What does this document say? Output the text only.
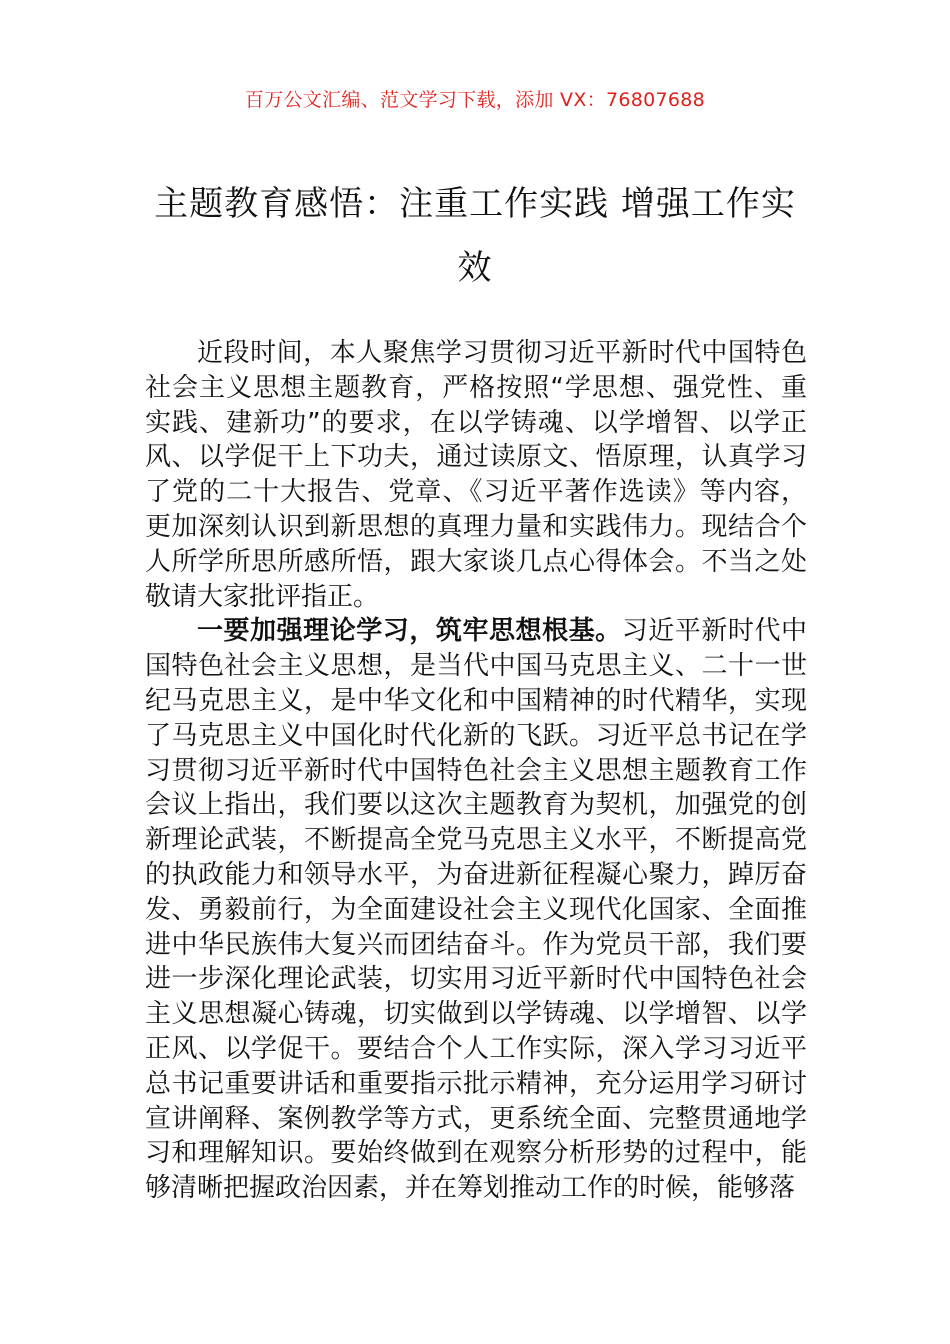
百万公文汇编、范文学习下载，添加 VX：76807688
主题教育感悟：注重工作实践 增强工作实效

近段时间，本人聚焦学习贯彻习近平新时代中国特色社会主义思想主题教育，严格按照“学思想、强党性、重实践、建新功”的要求，在以学铸魂、以学增智、以学正风、以学促干上下功夫，通过读原文、悟原理，认真学习了党的二十大报告、党章、《习近平著作选读》等内容，更加深刻认识到新思想的真理力量和实践伟力。现结合个人所学所思所感所悟，跟大家谈几点心得体会。不当之处敬请大家批评指正。

一要加强理论学习，筑牢思想根基。习近平新时代中国特色社会主义思想，是当代中国马克思主义、二十一世纪马克思主义，是中华文化和中国精神的时代精华，实现了马克思主义中国化时代化新的飞跃。习近平总书记在学习贯彻习近平新时代中国特色社会主义思想主题教育工作会议上指出，我们要以这次主题教育为契机，加强党的创新理论武装，不断提高全党马克思主义水平，不断提高党的执政能力和领导水平，为奋进新征程凝心聚力，踔厉奋发、勇毅前行，为全面建设社会主义现代化国家、全面推进中华民族伟大复兴而团结奋斗。作为党员干部，我们要进一步深化理论武装，切实用习近平新时代中国特色社会主义思想凝心铸魂，切实做到以学铸魂、以学增智、以学正风、以学促干。要结合个人工作实际，深入学习习近平总书记重要讲话和重要指示批示精神，充分运用学习研讨宣讲阐释、案例教学等方式，更系统全面、完整贯通地学习和理解知识。要始终做到在观察分析形势的过程中，能够清晰把握政治因素，并在筹划推动工作的时候，能够落
